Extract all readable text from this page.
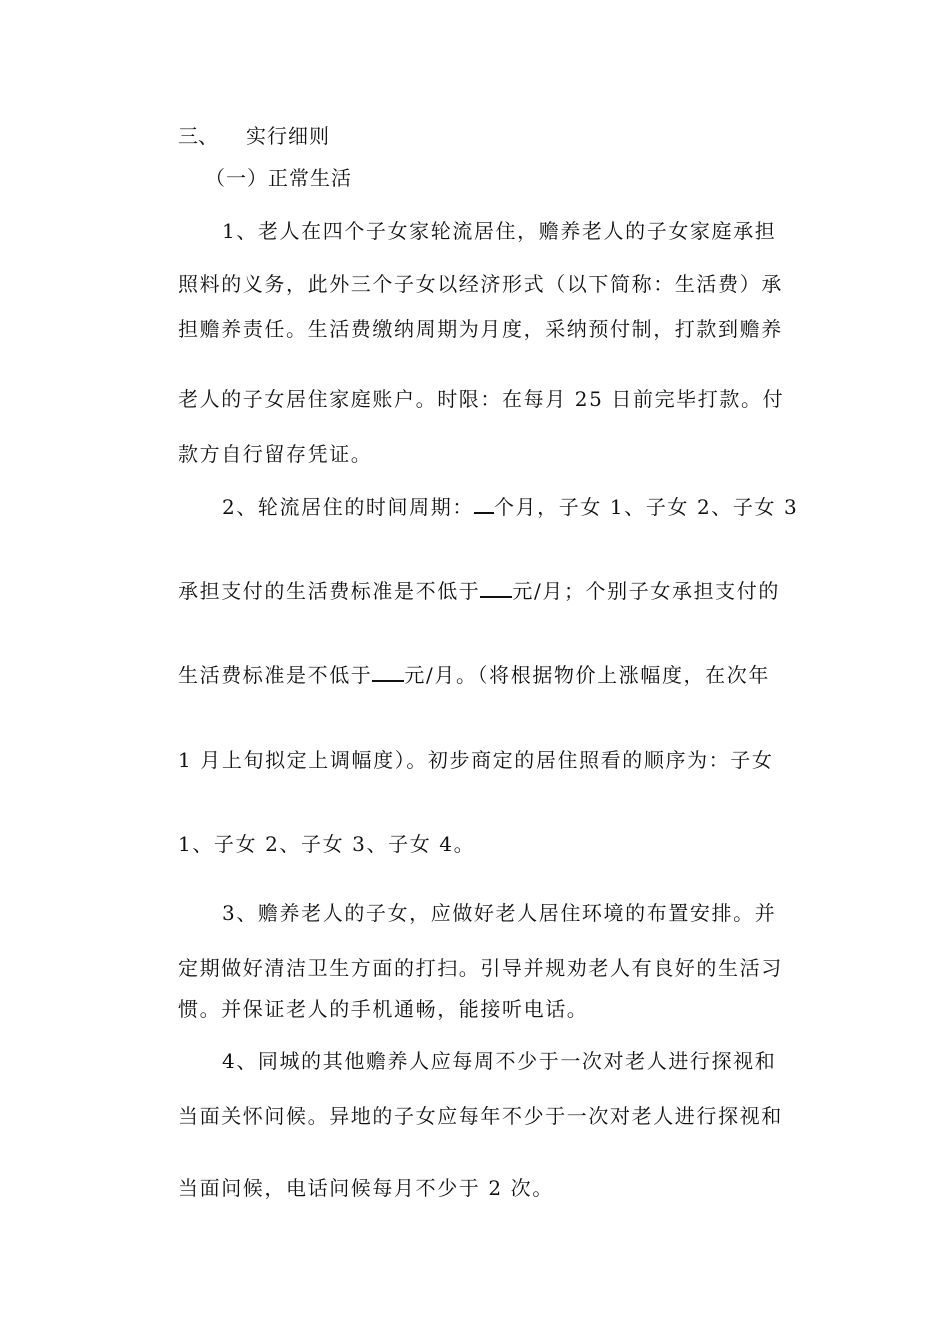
三、 实行细则
（一）正常生活
1、老人在四个子女家轮流居住，赡养老人的子女家庭承担
照料的义务，此外三个子女以经济形式（以下简称：生活费）承
担赡养责任。生活费缴纳周期为月度，采纳预付制，打款到赡养
老人的子女居住家庭账户。时限：在每月 25 日前完毕打款。付
款方自行留存凭证。
2、轮流居住的时间周期： 个月，子女 1、子女 2、子女 3
承担支付的生活费标准是不低于 元/月；个别子女承担支付的
生活费标准是不低于 元/月。（将根据物价上涨幅度，在次年
1 月上旬拟定上调幅度）。初步商定的居住照看的顺序为：子女
1、子女 2、子女 3、子女 4。
3、赡养老人的子女，应做好老人居住环境的布置安排。并
定期做好清洁卫生方面的打扫。引导并规劝老人有良好的生活习
惯。并保证老人的手机通畅，能接听电话。
4、同城的其他赡养人应每周不少于一次对老人进行探视和
当面关怀问候。异地的子女应每年不少于一次对老人进行探视和
当面问候，电话问候每月不少于 2 次。
